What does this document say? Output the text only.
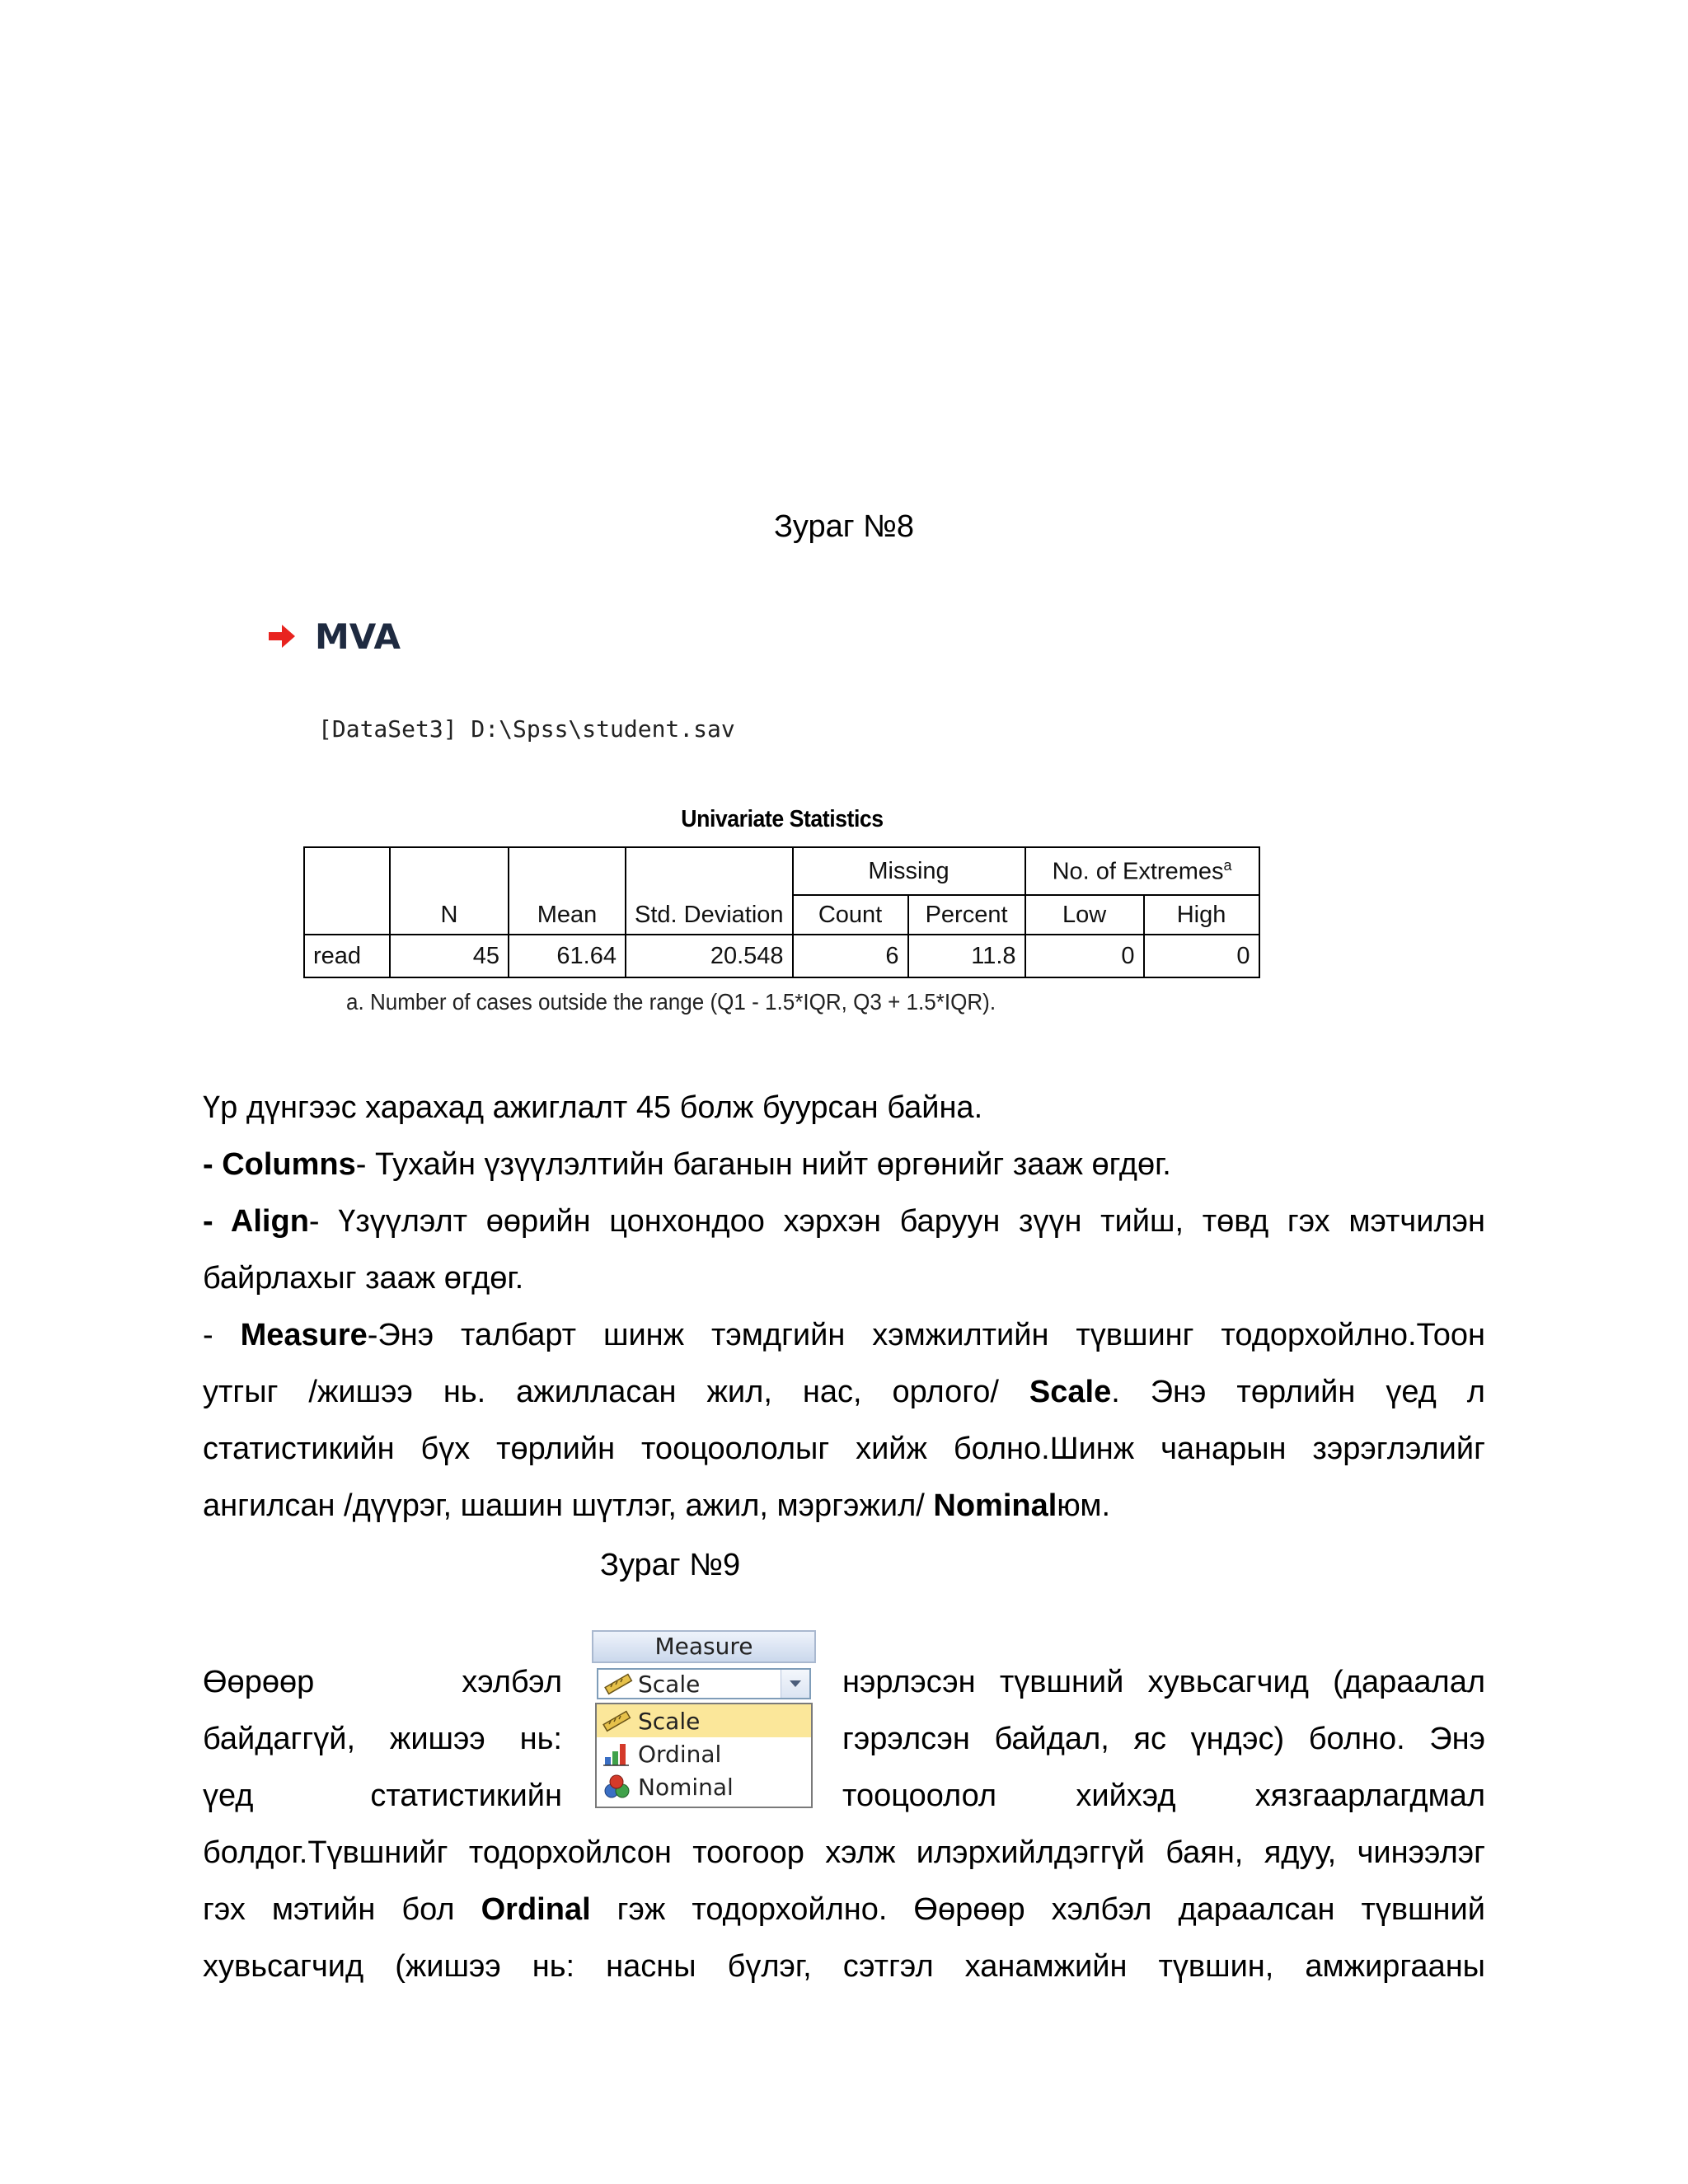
Зураг №8
MVA
[DataSet3] D:\Spss\student.sav
Univariate Statistics
	N	Mean	Std. Deviation	Missing		No. of Extremes$^a$
				Count	Percent	Low	High
read	45	61.64	20.548	6	11.8	0	0
a. Number of cases outside the range (Q1 - 1.5*IQR, Q3 + 1.5*IQR).
Үр дүнгээс харахад ажиглалт 45 болж буурсан байна.
- Columns- Тухайн үзүүлэлтийн баганын нийт өргөнийг зааж өгдөг.
- Align- Үзүүлэлт өөрийн цонхондоо хэрхэн баруун зүүн тийш, төвд гэх мэтчилэн
байрлахыг зааж өгдөг.
- Measure-Энэ талбарт шинж тэмдгийн хэмжилтийн түвшинг тодорхойлно.Тоон
утгыг /жишээ нь. ажилласан жил, нас, орлого/ Scale. Энэ төрлийн үед л
статистикийн бүх төрлийн тооцоололыг хийж болно.Шинж чанарын зэрэглэлийг
ангилсан /дүүрэг, шашин шүтлэг, ажил, мэргэжил/ Nominalюм.
Зураг №9
Өөрөөр хэлбэл
байдаггүй, жишээ нь:
үед статистикийн
нэрлэсэн түвшний хувьсагчид (дараалал
гэрэлсэн байдал, яс үндэс) болно. Энэ
тооцоолол хийхэд хязгаарлагдмал
Measure
Scale
Scale
Ordinal
Nominal
болдог.Түвшнийг тодорхойлсон тоогоор хэлж илэрхийлдэггүй баян, ядуу, чинээлэг
гэх мэтийн бол Ordinal гэж тодорхойлно. Өөрөөр хэлбэл дараалсан түвшний
хувьсагчид (жишээ нь: насны бүлэг, сэтгэл ханамжийн түвшин, амжиргааны
